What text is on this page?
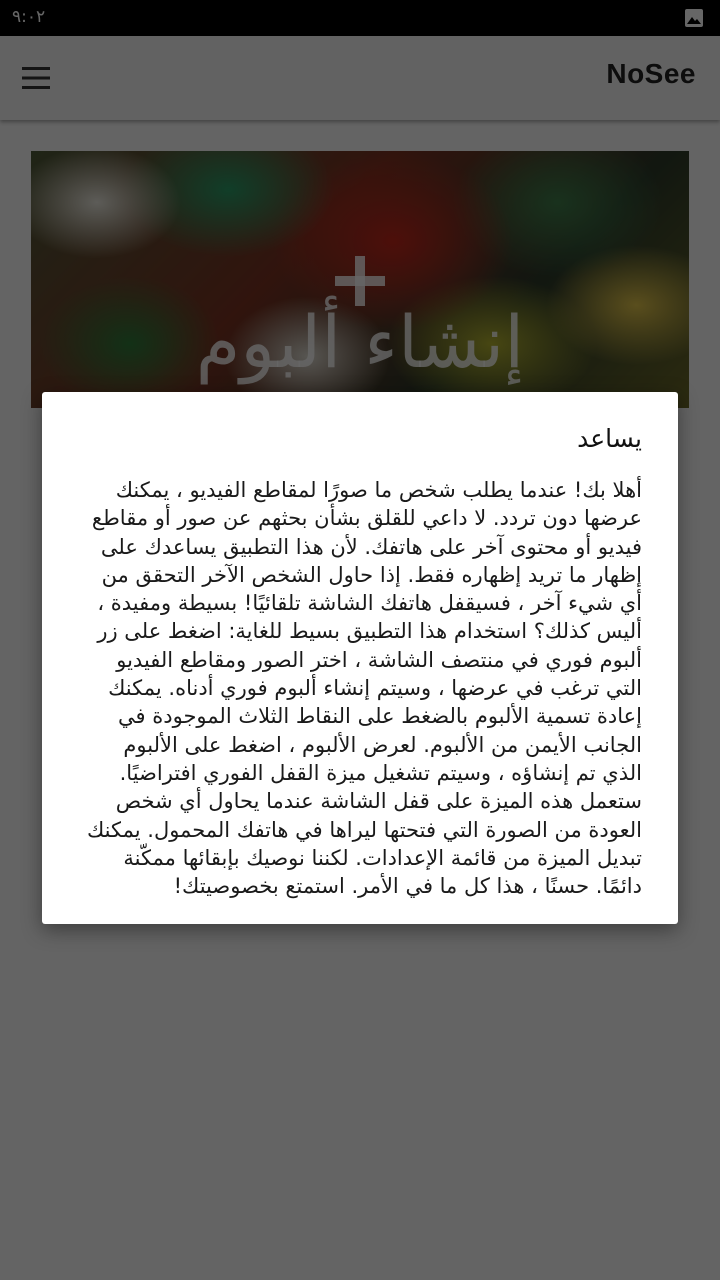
يساعد

أهلا بك! عندما يطلب شخص ما صورًا لمقاطع الفيديو ، يمكنك عرضها دون تردد. لا داعي للقلق بشأن بحثهم عن صور أو مقاطع فيديو أو محتوى آخر على هاتفك. لأن هذا التطبيق يساعدك على إظهار ما تريد إظهاره فقط. إذا حاول الشخص الآخر التحقق من أي شيء آخر ، فسيقفل هاتفك الشاشة تلقائيًا! بسيطة ومفيدة ، أليس كذلك؟ استخدام هذا التطبيق بسيط للغاية: اضغط على زر ألبوم فوري في منتصف الشاشة ، اختر الصور ومقاطع الفيديو التي ترغب في عرضها ، وسيتم إنشاء ألبوم فوري أدناه. يمكنك إعادة تسمية الألبوم بالضغط على النقاط الثلاث الموجودة في الجانب الأيمن من الألبوم. لعرض الألبوم ، اضغط على الألبوم الذي تم إنشاؤه ، وسيتم تشغيل ميزة القفل الفوري افتراضيًا. ستعمل هذه الميزة على قفل الشاشة عندما يحاول أي شخص العودة من الصورة التي فتحتها ليراها في هاتفك المحمول. يمكنك تبديل الميزة من قائمة الإعدادات. لكننا نوصيك بإبقائها ممكّنة دائمًا. حسنًا ، هذا كل ما في الأمر. استمتع بخصوصيتك!
